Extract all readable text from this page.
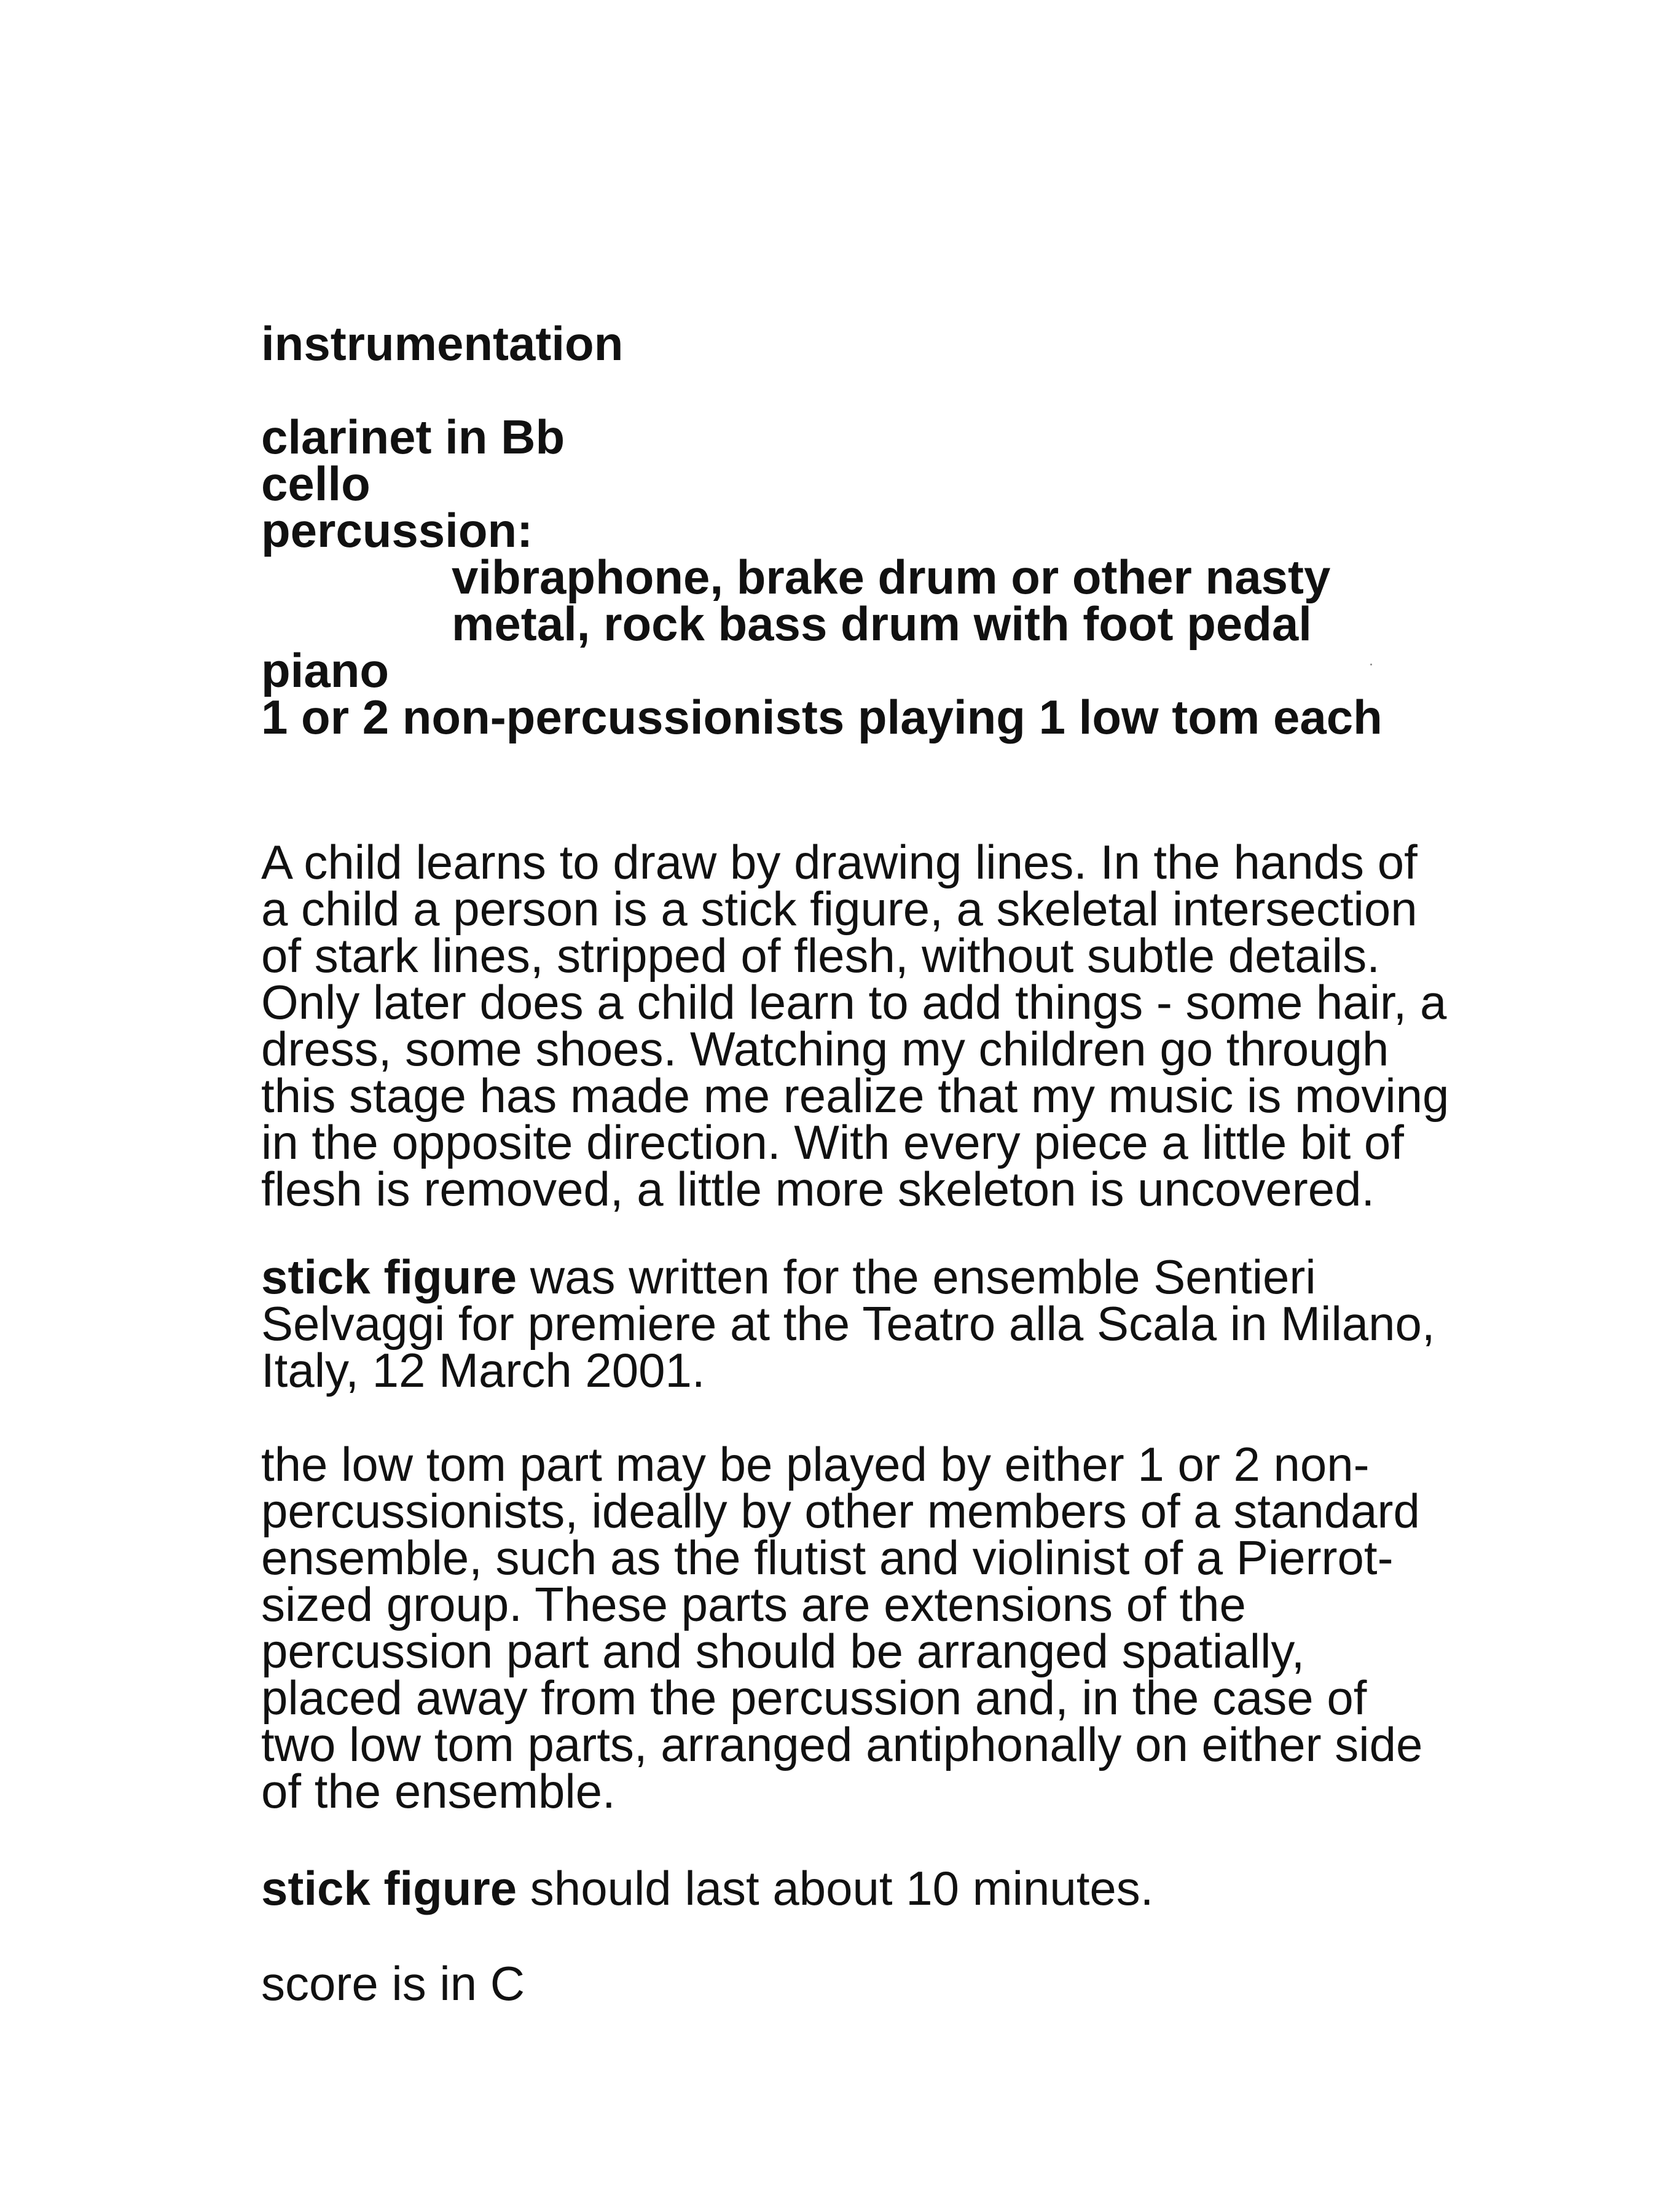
instrumentation
clarinet in Bb
cello
percussion:
vibraphone, brake drum or other nasty
metal, rock bass drum with foot pedal
piano
1 or 2 non-percussionists playing 1 low tom each
A child learns to draw by drawing lines. In the hands of
a child a person is a stick figure, a skeletal intersection
of stark lines, stripped of flesh, without subtle details.
Only later does a child learn to add things - some hair, a
dress, some shoes. Watching my children go through
this stage has made me realize that my music is moving
in the opposite direction. With every piece a little bit of
flesh is removed, a little more skeleton is uncovered.
stick figure was written for the ensemble Sentieri
Selvaggi for premiere at the Teatro alla Scala in Milano,
Italy, 12 March 2001.
the low tom part may be played by either 1 or 2 non-
percussionists, ideally by other members of a standard
ensemble, such as the flutist and violinist of a Pierrot-
sized group. These parts are extensions of the
percussion part and should be arranged spatially,
placed away from the percussion and, in the case of
two low tom parts, arranged antiphonally on either side
of the ensemble.
stick figure should last about 10 minutes.
score is in C
